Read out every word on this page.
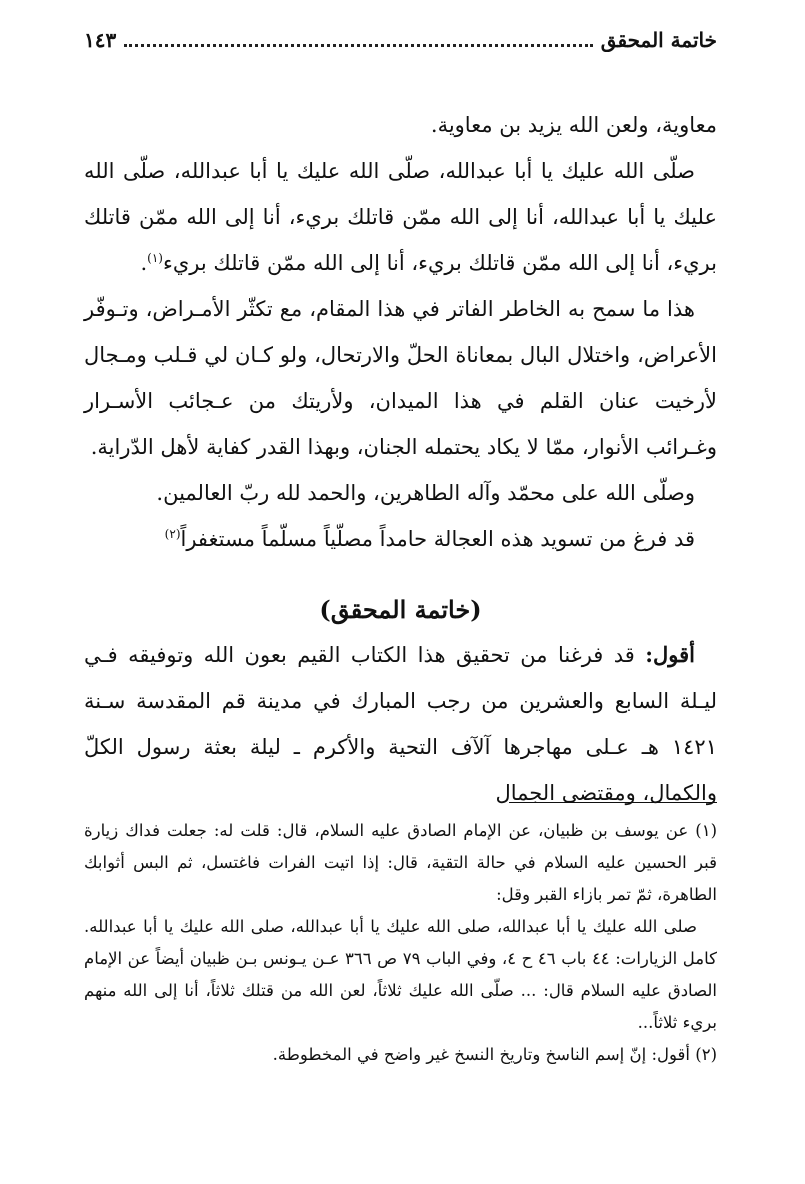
خاتمة المحقق
١٤٣

معاوية، ولعن الله يزيد بن معاوية.

صلّى الله عليك يا أبا عبدالله، صلّى الله عليك يا أبا عبدالله، صلّى الله عليك يا أبا عبدالله، أنا إلى الله ممّن قاتلك بريء، أنا إلى الله ممّن قاتلك بريء، أنا إلى الله ممّن قاتلك بريء، أنا إلى الله ممّن قاتلك بريء$^{(١)}$.

هذا ما سمح به الخاطر الفاتر في هذا المقام، مع تكثّر الأمـراض، وتـوفّر الأعراض، واختلال البال بمعاناة الحلّ والارتحال، ولو كـان لي قـلب ومـجال لأرخيت عنان القلم في هذا الميدان، ولأريتك من عـجائب الأسـرار وغـرائب الأنوار، ممّا لا يكاد يحتمله الجنان، وبهذا القدر كفاية لأهل الدّراية.

وصلّى الله على محمّد وآله الطاهرين، والحمد لله ربّ العالمين.

قد فرغ من تسويد هذه العجالة حامداً مصلّياً مسلّماً مستغفراً$^{(٢)}$

(خاتمة المحقق)

أقول: قد فرغنا من تحقيق هذا الكتاب القيم بعون الله وتوفيقه فـي ليـلة السابع والعشرين من رجب المبارك في مدينة قم المقدسة سـنة ١٤٢١ هـ عـلى مهاجرها آلآف التحية والأكرم ـ ليلة بعثة رسول الكلّ والكمال، ومقتضى الجمال

(١) عن يوسف بن ظبيان، عن الإمام الصادق عليه السلام، قال: قلت له: جعلت فداك زيارة قبر الحسين عليه السلام في حالة التقية، قال: إذا اتيت الفرات فاغتسل، ثم البس أثوابك الطاهرة، ثمّ تمر بازاء القبر وقل:

صلى الله عليك يا أبا عبدالله، صلى الله عليك يا أبا عبدالله، صلى الله عليك يا أبا عبدالله. كامل الزيارات: ٤٤ باب ٤٦ ح ٤، وفي الباب ٧٩ ص ٣٦٦ عـن يـونس بـن ظبيان أيضاً عن الإمام الصادق عليه السلام قال: ... صلّى الله عليك ثلاثاً، لعن الله من قتلك ثلاثاً، أنا إلى الله منهم بريء ثلاثاً...

(٢) أقول: إنّ إسم الناسخ وتاريخ النسخ غير واضح في المخطوطة.
